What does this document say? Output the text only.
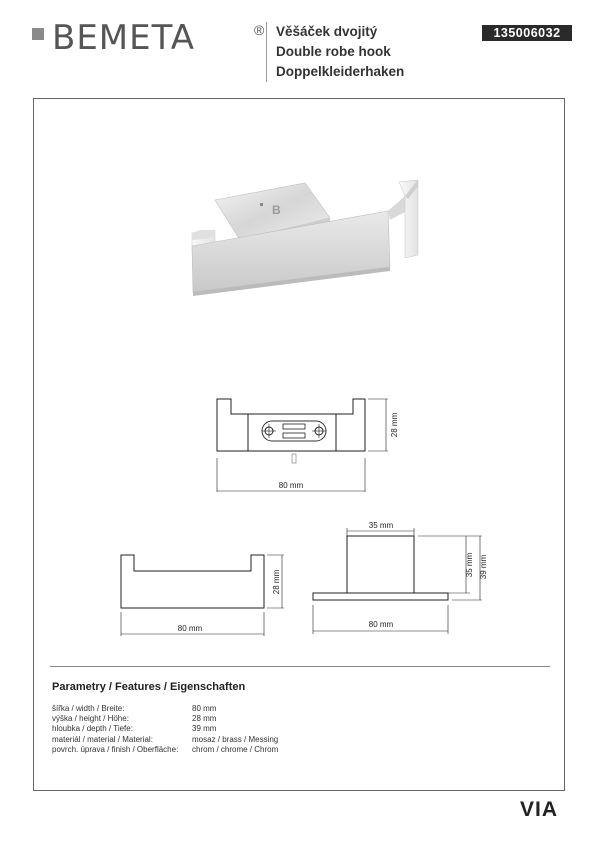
BEMETA	® Věšáček dvojitý
Double robe hook
Doppelkleiderhaken
135006032
B
80 mm
28 mm
80 mm
28 mm
35 mm
80 mm
35 mm 39 mm
Parametry / Features / Eigenschaften
šířka / width / Breite:	80 mm
výška / height / Höhe:	28 mm
hloubka / depth / Tiefe:	39 mm
materiál / material / Material:	mosaz / brass / Messing
povrch. úprava / finish / Oberfläche: chrom / chrome / Chrom
VIA
